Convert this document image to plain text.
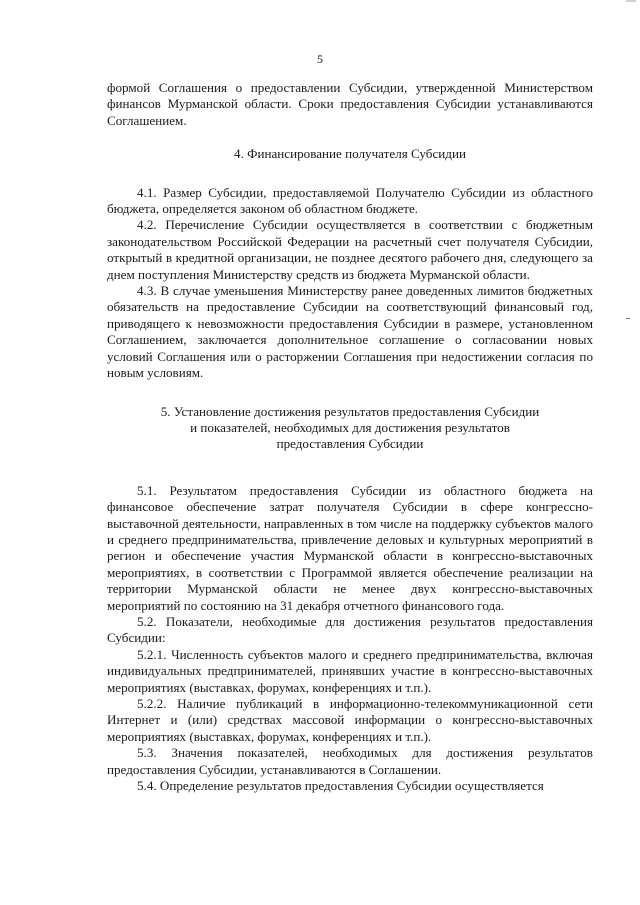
5

формой Соглашения о предоставлении Субсидии, утвержденной Министерством финансов Мурманской области. Сроки предоставления Субсидии устанавливаются Соглашением.

4. Финансирование получателя Субсидии

4.1. Размер Субсидии, предоставляемой Получателю Субсидии из областного бюджета, определяется законом об областном бюджете.

4.2. Перечисление Субсидии осуществляется в соответствии с бюджетным законодательством Российской Федерации на расчетный счет получателя Субсидии, открытый в кредитной организации, не позднее десятого рабочего дня, следующего за днем поступления Министерству средств из бюджета Мурманской области.

4.3. В случае уменьшения Министерству ранее доведенных лимитов бюджетных обязательств на предоставление Субсидии на соответствующий финансовый год, приводящего к невозможности предоставления Субсидии в размере, установленном Соглашением, заключается дополнительное соглашение о согласовании новых условий Соглашения или о расторжении Соглашения при недостижении согласия по новым условиям.

5. Установление достижения результатов предоставления Субсидии

и показателей, необходимых для достижения результатов

предоставления Субсидии

5.1. Результатом предоставления Субсидии из областного бюджета на финансовое обеспечение затрат получателя Субсидии в сфере конгрессно-выставочной деятельности, направленных в том числе на поддержку субъектов малого и среднего предпринимательства, привлечение деловых и культурных мероприятий в регион и обеспечение участия Мурманской области в конгрессно-выставочных мероприятиях, в соответствии с Программой является обеспечение реализации на территории Мурманской области не менее двух конгрессно-выставочных мероприятий по состоянию на 31 декабря отчетного финансового года.

5.2. Показатели, необходимые для достижения результатов предоставления Субсидии:

5.2.1. Численность субъектов малого и среднего предпринимательства, включая индивидуальных предпринимателей, принявших участие в конгрессно-выставочных мероприятиях (выставках, форумах, конференциях и т.п.).

5.2.2. Наличие публикаций в информационно-телекоммуникационной сети Интернет и (или) средствах массовой информации о конгрессно-выставочных мероприятиях (выставках, форумах, конференциях и т.п.).

5.3. Значения показателей, необходимых для достижения результатов предоставления Субсидии, устанавливаются в Соглашении.

5.4. Определение результатов предоставления Субсидии осуществляется
